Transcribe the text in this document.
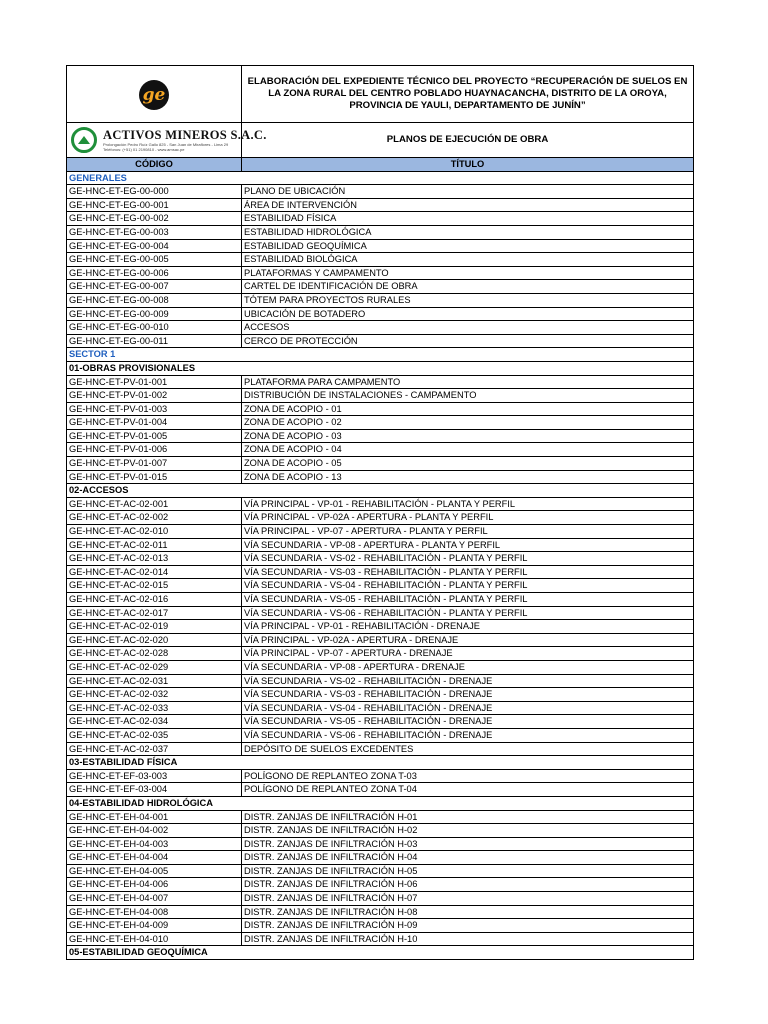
ge	ELABORACIÓN DEL EXPEDIENTE TÉCNICO DEL PROYECTO “RECUPERACIÓN DE SUELOS EN LA ZONA RURAL DEL CENTRO POBLADO HUAYNACANCHA, DISTRITO DE LA OROYA, PROVINCIA DE YAULI, DEPARTAMENTO DE JUNÍN”

ACTIVOS MINEROS S.A.C.
Prolongación Pedro Ruíz Gallo 825 - San Juan de Miraflores - Lima 29
Teléfonos: (+51) 01 2190810 - www.amsac.pe	PLANOS DE EJECUCIÓN DE OBRA
CÓDIGO	TÍTULO
GENERALES	
GE-HNC-ET-EG-00-000	PLANO DE UBICACIÓN
GE-HNC-ET-EG-00-001	ÁREA DE INTERVENCIÓN
GE-HNC-ET-EG-00-002	ESTABILIDAD FÍSICA
GE-HNC-ET-EG-00-003	ESTABILIDAD HIDROLÓGICA
GE-HNC-ET-EG-00-004	ESTABILIDAD GEOQUÍMICA
GE-HNC-ET-EG-00-005	ESTABILIDAD BIOLÓGICA
GE-HNC-ET-EG-00-006	PLATAFORMAS Y CAMPAMENTO
GE-HNC-ET-EG-00-007	CARTEL DE IDENTIFICACIÓN DE OBRA
GE-HNC-ET-EG-00-008	TÓTEM PARA PROYECTOS RURALES
GE-HNC-ET-EG-00-009	UBICACIÓN DE BOTADERO
GE-HNC-ET-EG-00-010	ACCESOS
GE-HNC-ET-EG-00-011	CERCO DE PROTECCIÓN
SECTOR 1	
01-OBRAS PROVISIONALES	
GE-HNC-ET-PV-01-001	PLATAFORMA PARA CAMPAMENTO
GE-HNC-ET-PV-01-002	DISTRIBUCIÓN DE INSTALACIONES - CAMPAMENTO
GE-HNC-ET-PV-01-003	ZONA DE ACOPIO - 01
GE-HNC-ET-PV-01-004	ZONA DE ACOPIO - 02
GE-HNC-ET-PV-01-005	ZONA DE ACOPIO - 03
GE-HNC-ET-PV-01-006	ZONA DE ACOPIO - 04
GE-HNC-ET-PV-01-007	ZONA DE ACOPIO - 05
GE-HNC-ET-PV-01-015	ZONA DE ACOPIO - 13
02-ACCESOS	
GE-HNC-ET-AC-02-001	VÍA PRINCIPAL - VP-01 - REHABILITACIÓN - PLANTA Y PERFIL
GE-HNC-ET-AC-02-002	VÍA PRINCIPAL - VP-02A - APERTURA - PLANTA Y PERFIL
GE-HNC-ET-AC-02-010	VÍA PRINCIPAL - VP-07 - APERTURA - PLANTA Y PERFIL
GE-HNC-ET-AC-02-011	VÍA SECUNDARIA - VP-08 - APERTURA - PLANTA Y PERFIL
GE-HNC-ET-AC-02-013	VÍA SECUNDARIA - VS-02 - REHABILITACIÓN - PLANTA Y PERFIL
GE-HNC-ET-AC-02-014	VÍA SECUNDARIA - VS-03 - REHABILITACIÓN - PLANTA Y PERFIL
GE-HNC-ET-AC-02-015	VÍA SECUNDARIA - VS-04 - REHABILITACIÓN - PLANTA Y PERFIL
GE-HNC-ET-AC-02-016	VÍA SECUNDARIA - VS-05 - REHABILITACIÓN - PLANTA Y PERFIL
GE-HNC-ET-AC-02-017	VÍA SECUNDARIA - VS-06 - REHABILITACIÓN - PLANTA Y PERFIL
GE-HNC-ET-AC-02-019	VÍA PRINCIPAL - VP-01 - REHABILITACIÓN - DRENAJE
GE-HNC-ET-AC-02-020	VÍA PRINCIPAL - VP-02A - APERTURA - DRENAJE
GE-HNC-ET-AC-02-028	VÍA PRINCIPAL - VP-07 - APERTURA - DRENAJE
GE-HNC-ET-AC-02-029	VÍA SECUNDARIA - VP-08 - APERTURA - DRENAJE
GE-HNC-ET-AC-02-031	VÍA SECUNDARIA - VS-02 - REHABILITACIÓN - DRENAJE
GE-HNC-ET-AC-02-032	VÍA SECUNDARIA - VS-03 - REHABILITACIÓN - DRENAJE
GE-HNC-ET-AC-02-033	VÍA SECUNDARIA - VS-04 - REHABILITACIÓN - DRENAJE
GE-HNC-ET-AC-02-034	VÍA SECUNDARIA - VS-05 - REHABILITACIÓN - DRENAJE
GE-HNC-ET-AC-02-035	VÍA SECUNDARIA - VS-06 - REHABILITACIÓN - DRENAJE
GE-HNC-ET-AC-02-037	DEPÓSITO DE SUELOS EXCEDENTES
03-ESTABILIDAD FÍSICA	
GE-HNC-ET-EF-03-003	POLÍGONO DE REPLANTEO ZONA T-03
GE-HNC-ET-EF-03-004	POLÍGONO DE REPLANTEO ZONA T-04
04-ESTABILIDAD HIDROLÓGICA	
GE-HNC-ET-EH-04-001	DISTR. ZANJAS DE INFILTRACIÓN H-01
GE-HNC-ET-EH-04-002	DISTR. ZANJAS DE INFILTRACIÓN H-02
GE-HNC-ET-EH-04-003	DISTR. ZANJAS DE INFILTRACIÓN H-03
GE-HNC-ET-EH-04-004	DISTR. ZANJAS DE INFILTRACIÓN H-04
GE-HNC-ET-EH-04-005	DISTR. ZANJAS DE INFILTRACIÓN H-05
GE-HNC-ET-EH-04-006	DISTR. ZANJAS DE INFILTRACIÓN H-06
GE-HNC-ET-EH-04-007	DISTR. ZANJAS DE INFILTRACIÓN H-07
GE-HNC-ET-EH-04-008	DISTR. ZANJAS DE INFILTRACIÓN H-08
GE-HNC-ET-EH-04-009	DISTR. ZANJAS DE INFILTRACIÓN H-09
GE-HNC-ET-EH-04-010	DISTR. ZANJAS DE INFILTRACIÓN H-10
05-ESTABILIDAD GEOQUÍMICA	
